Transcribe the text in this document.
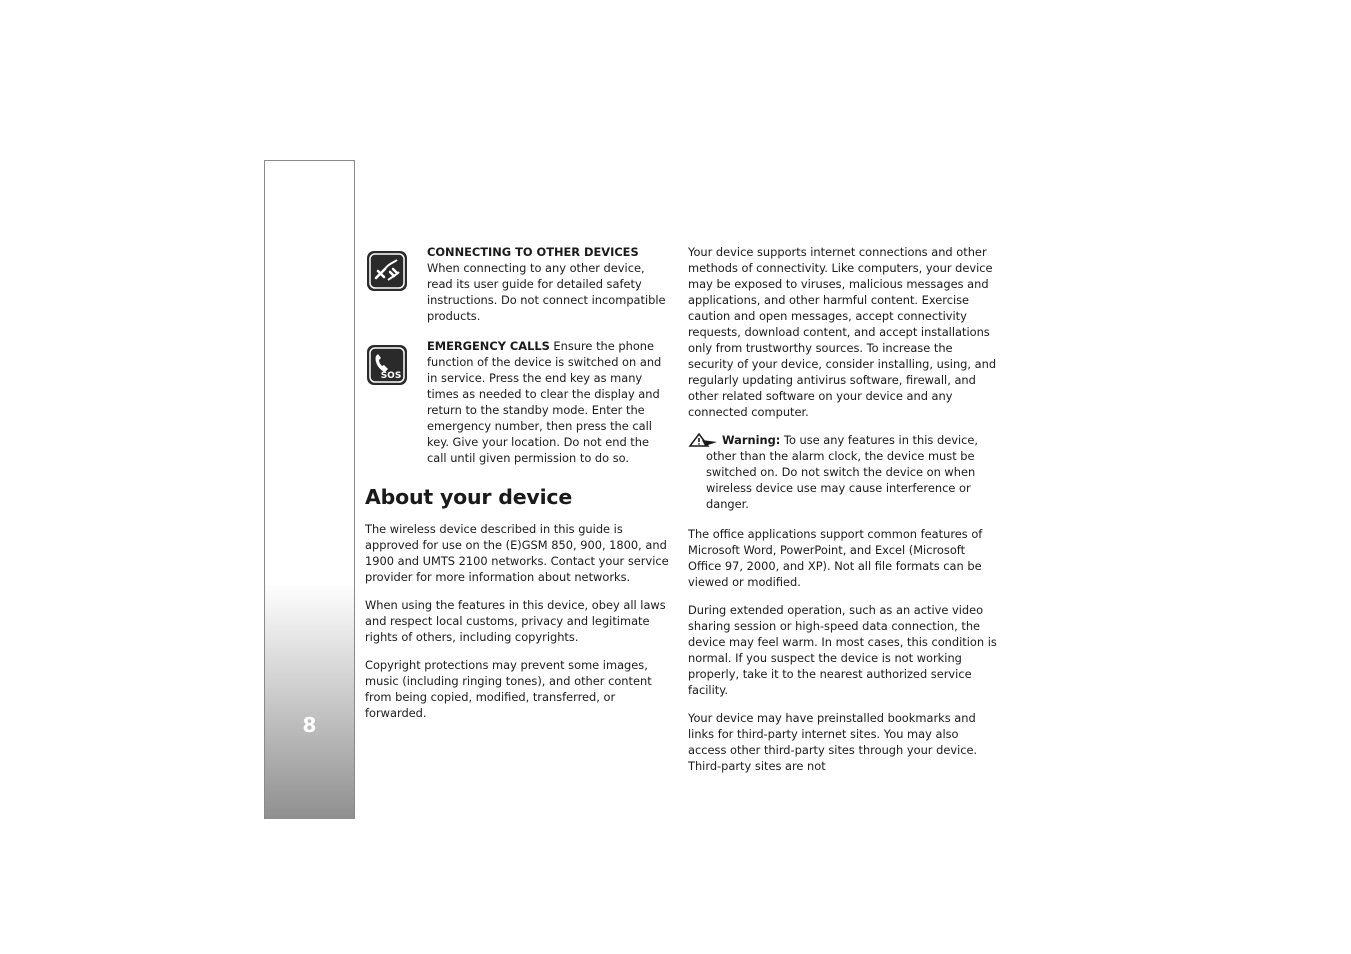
8
CONNECTING TO OTHER DEVICES When connecting to any other device, read its user guide for detailed safety instructions. Do not connect incompatible products.
SOS
EMERGENCY CALLS Ensure the phone function of the device is switched on and in service. Press the end key as many times as needed to clear the display and return to the standby mode. Enter the emergency number, then press the call key. Give your location. Do not end the call until given permission to do so.
About your device

The wireless device described in this guide is approved for use on the (E)GSM 850, 900, 1800, and 1900 and UMTS 2100 networks. Contact your service provider for more information about networks.

When using the features in this device, obey all laws and respect local customs, privacy and legitimate rights of others, including copyrights.

Copyright protections may prevent some images, music (including ringing tones), and other content from being copied, modified, transferred, or forwarded.

Your device supports internet connections and other methods of connectivity. Like computers, your device may be exposed to viruses, malicious messages and applications, and other harmful content. Exercise caution and open messages, accept connectivity requests, download content, and accept installations only from trustworthy sources. To increase the security of your device, consider installing, using, and regularly updating antivirus software, firewall, and other related software on your device and any connected computer.

Warning: To use any features in this device, other than the alarm clock, the device must be switched on. Do not switch the device on when wireless device use may cause interference or danger.

The office applications support common features of Microsoft Word, PowerPoint, and Excel (Microsoft Office 97, 2000, and XP). Not all file formats can be viewed or modified.

During extended operation, such as an active video sharing session or high-speed data connection, the device may feel warm. In most cases, this condition is normal. If you suspect the device is not working properly, take it to the nearest authorized service facility.

Your device may have preinstalled bookmarks and links for third-party internet sites. You may also access other third-party sites through your device. Third-party sites are not
